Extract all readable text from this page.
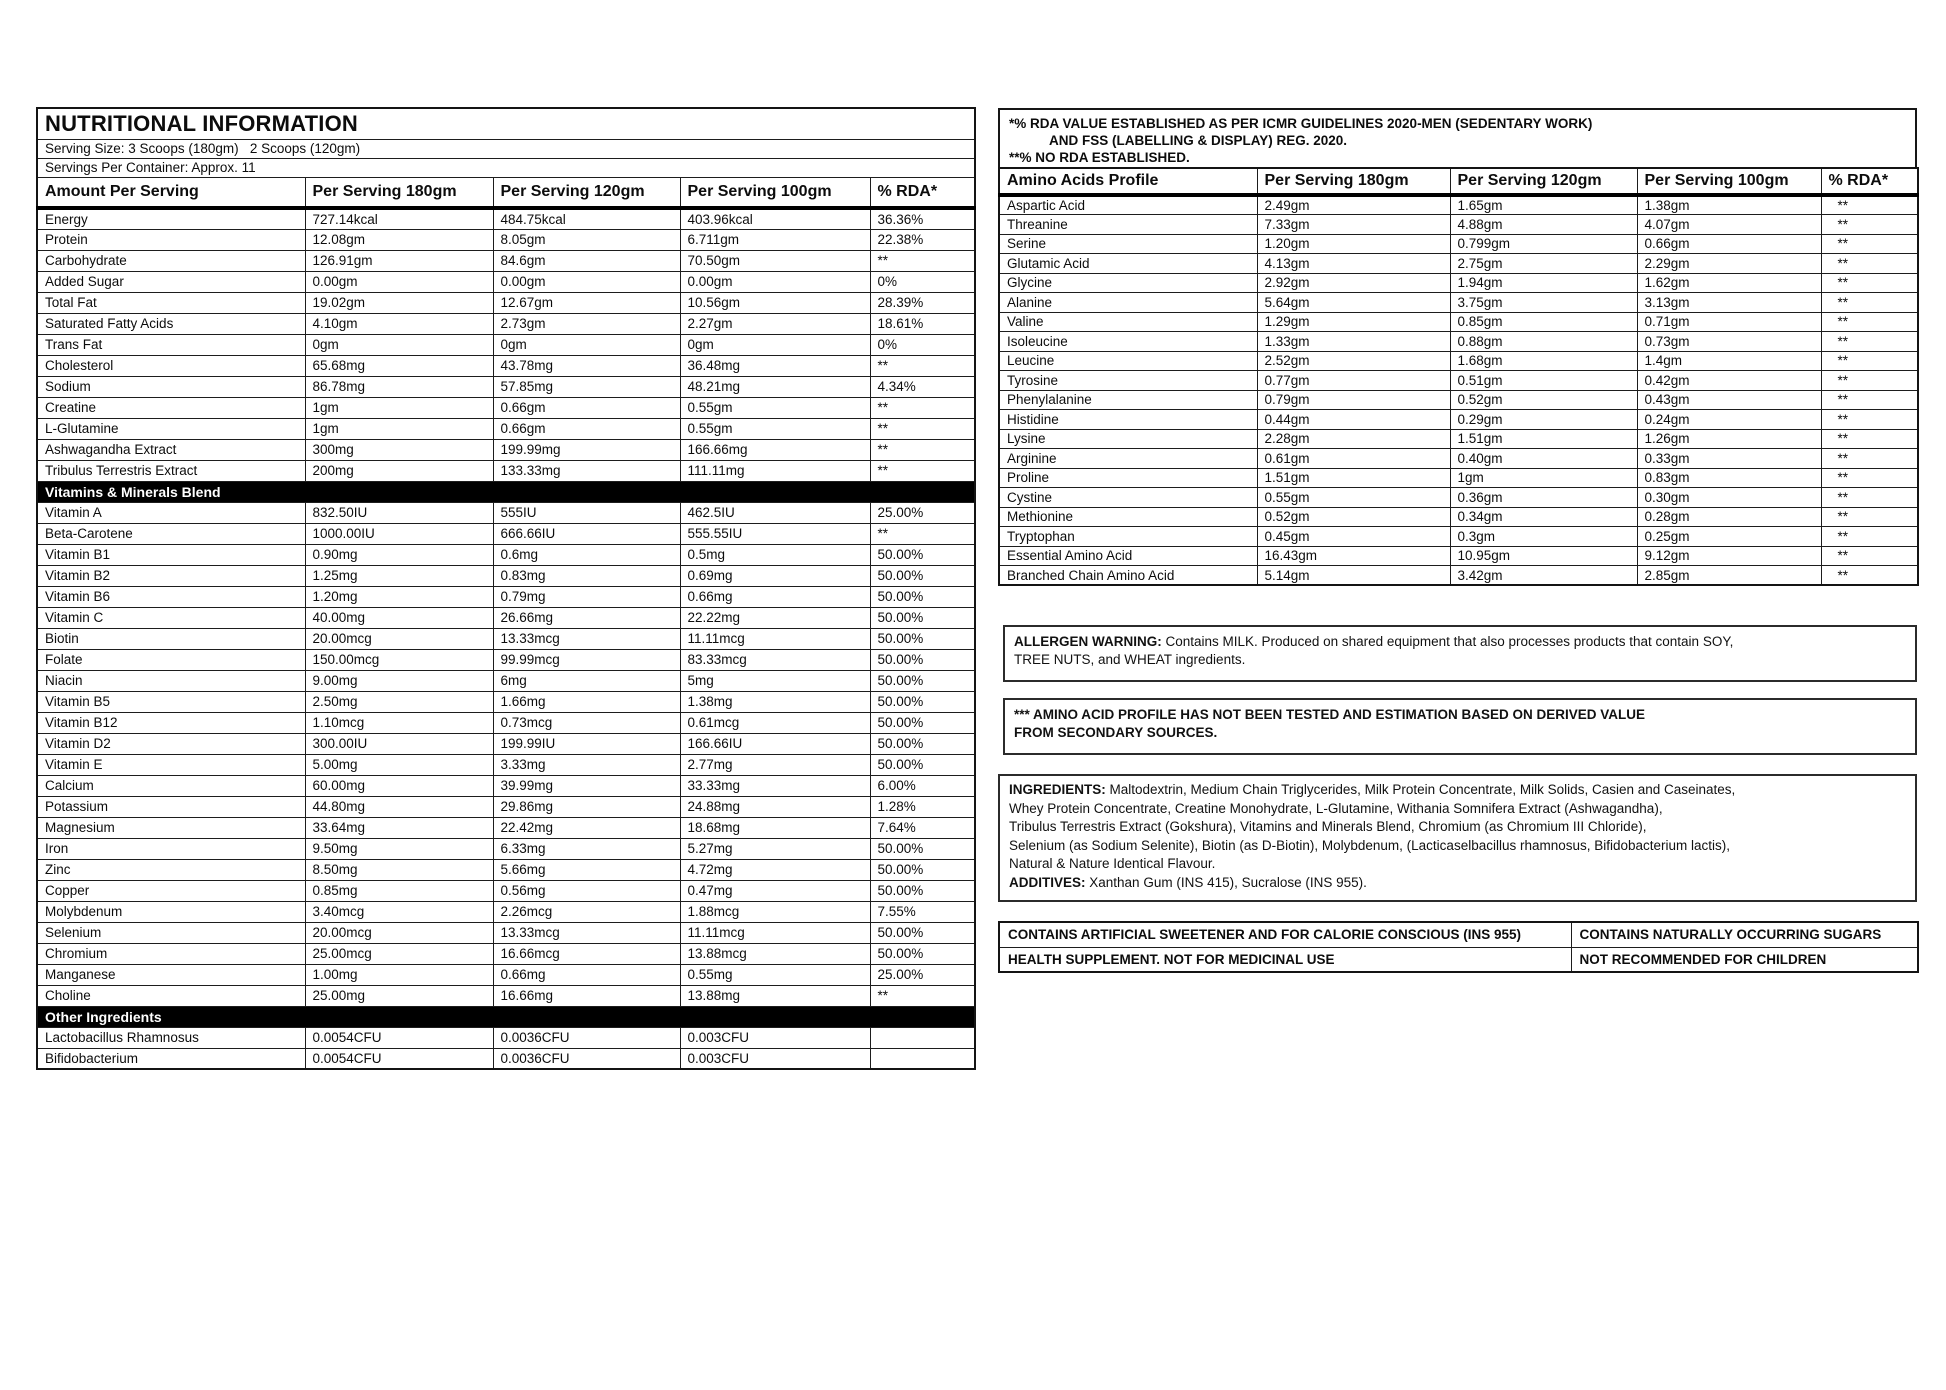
NUTRITIONAL INFORMATION				
Serving Size: 3 Scoops (180gm)   2 Scoops (120gm)				
Servings Per Container: Approx. 11				
Amount Per Serving	Per Serving 180gm	Per Serving 120gm	Per Serving 100gm	% RDA*
Energy	727.14kcal	484.75kcal	403.96kcal	36.36%
Protein	12.08gm	8.05gm	6.711gm	22.38%
Carbohydrate	126.91gm	84.6gm	70.50gm	**
Added Sugar	0.00gm	0.00gm	0.00gm	0%
Total Fat	19.02gm	12.67gm	10.56gm	28.39%
Saturated Fatty Acids	4.10gm	2.73gm	2.27gm	18.61%
Trans Fat	0gm	0gm	0gm	0%
Cholesterol	65.68mg	43.78mg	36.48mg	**
Sodium	86.78mg	57.85mg	48.21mg	4.34%
Creatine	1gm	0.66gm	0.55gm	**
L-Glutamine	1gm	0.66gm	0.55gm	**
Ashwagandha Extract	300mg	199.99mg	166.66mg	**
Tribulus Terrestris Extract	200mg	133.33mg	111.11mg	**
Vitamins & Minerals Blend				
Vitamin A	832.50IU	555IU	462.5IU	25.00%
Beta-Carotene	1000.00IU	666.66IU	555.55IU	**
Vitamin B1	0.90mg	0.6mg	0.5mg	50.00%
Vitamin B2	1.25mg	0.83mg	0.69mg	50.00%
Vitamin B6	1.20mg	0.79mg	0.66mg	50.00%
Vitamin C	40.00mg	26.66mg	22.22mg	50.00%
Biotin	20.00mcg	13.33mcg	11.11mcg	50.00%
Folate	150.00mcg	99.99mcg	83.33mcg	50.00%
Niacin	9.00mg	6mg	5mg	50.00%
Vitamin B5	2.50mg	1.66mg	1.38mg	50.00%
Vitamin B12	1.10mcg	0.73mcg	0.61mcg	50.00%
Vitamin D2	300.00IU	199.99IU	166.66IU	50.00%
Vitamin E	5.00mg	3.33mg	2.77mg	50.00%
Calcium	60.00mg	39.99mg	33.33mg	6.00%
Potassium	44.80mg	29.86mg	24.88mg	1.28%
Magnesium	33.64mg	22.42mg	18.68mg	7.64%
Iron	9.50mg	6.33mg	5.27mg	50.00%
Zinc	8.50mg	5.66mg	4.72mg	50.00%
Copper	0.85mg	0.56mg	0.47mg	50.00%
Molybdenum	3.40mcg	2.26mcg	1.88mcg	7.55%
Selenium	20.00mcg	13.33mcg	11.11mcg	50.00%
Chromium	25.00mcg	16.66mcg	13.88mcg	50.00%
Manganese	1.00mg	0.66mg	0.55mg	25.00%
Choline	25.00mg	16.66mg	13.88mg	**
Other Ingredients				
Lactobacillus Rhamnosus	0.0054CFU	0.0036CFU	0.003CFU	
Bifidobacterium	0.0054CFU	0.0036CFU	0.003CFU	
*% RDA VALUE ESTABLISHED AS PER ICMR GUIDELINES 2020-MEN (SEDENTARY WORK)
AND FSS (LABELLING & DISPLAY) REG. 2020.
**% NO RDA ESTABLISHED.
Amino Acids Profile	Per Serving 180gm	Per Serving 120gm	Per Serving 100gm	% RDA*
Aspartic Acid	2.49gm	1.65gm	1.38gm	**
Threanine	7.33gm	4.88gm	4.07gm	**
Serine	1.20gm	0.799gm	0.66gm	**
Glutamic Acid	4.13gm	2.75gm	2.29gm	**
Glycine	2.92gm	1.94gm	1.62gm	**
Alanine	5.64gm	3.75gm	3.13gm	**
Valine	1.29gm	0.85gm	0.71gm	**
Isoleucine	1.33gm	0.88gm	0.73gm	**
Leucine	2.52gm	1.68gm	1.4gm	**
Tyrosine	0.77gm	0.51gm	0.42gm	**
Phenylalanine	0.79gm	0.52gm	0.43gm	**
Histidine	0.44gm	0.29gm	0.24gm	**
Lysine	2.28gm	1.51gm	1.26gm	**
Arginine	0.61gm	0.40gm	0.33gm	**
Proline	1.51gm	1gm	0.83gm	**
Cystine	0.55gm	0.36gm	0.30gm	**
Methionine	0.52gm	0.34gm	0.28gm	**
Tryptophan	0.45gm	0.3gm	0.25gm	**
Essential Amino Acid	16.43gm	10.95gm	9.12gm	**
Branched Chain Amino Acid	5.14gm	3.42gm	2.85gm	**
ALLERGEN WARNING: Contains MILK. Produced on shared equipment that also processes products that contain SOY,
TREE NUTS, and WHEAT ingredients.
*** AMINO ACID PROFILE HAS NOT BEEN TESTED AND ESTIMATION BASED ON DERIVED VALUE
FROM SECONDARY SOURCES.
INGREDIENTS: Maltodextrin, Medium Chain Triglycerides, Milk Protein Concentrate, Milk Solids, Casien and Caseinates,
Whey Protein Concentrate, Creatine Monohydrate, L-Glutamine, Withania Somnifera Extract (Ashwagandha),
Tribulus Terrestris Extract (Gokshura), Vitamins and Minerals Blend, Chromium (as Chromium III Chloride),
Selenium (as Sodium Selenite), Biotin (as D-Biotin), Molybdenum, (Lacticaselbacillus rhamnosus, Bifidobacterium lactis),
Natural & Nature Identical Flavour.
ADDITIVES: Xanthan Gum (INS 415), Sucralose (INS 955).
CONTAINS ARTIFICIAL SWEETENER AND FOR CALORIE CONSCIOUS (INS 955)	CONTAINS NATURALLY OCCURRING SUGARS
HEALTH SUPPLEMENT. NOT FOR MEDICINAL USE	NOT RECOMMENDED FOR CHILDREN
